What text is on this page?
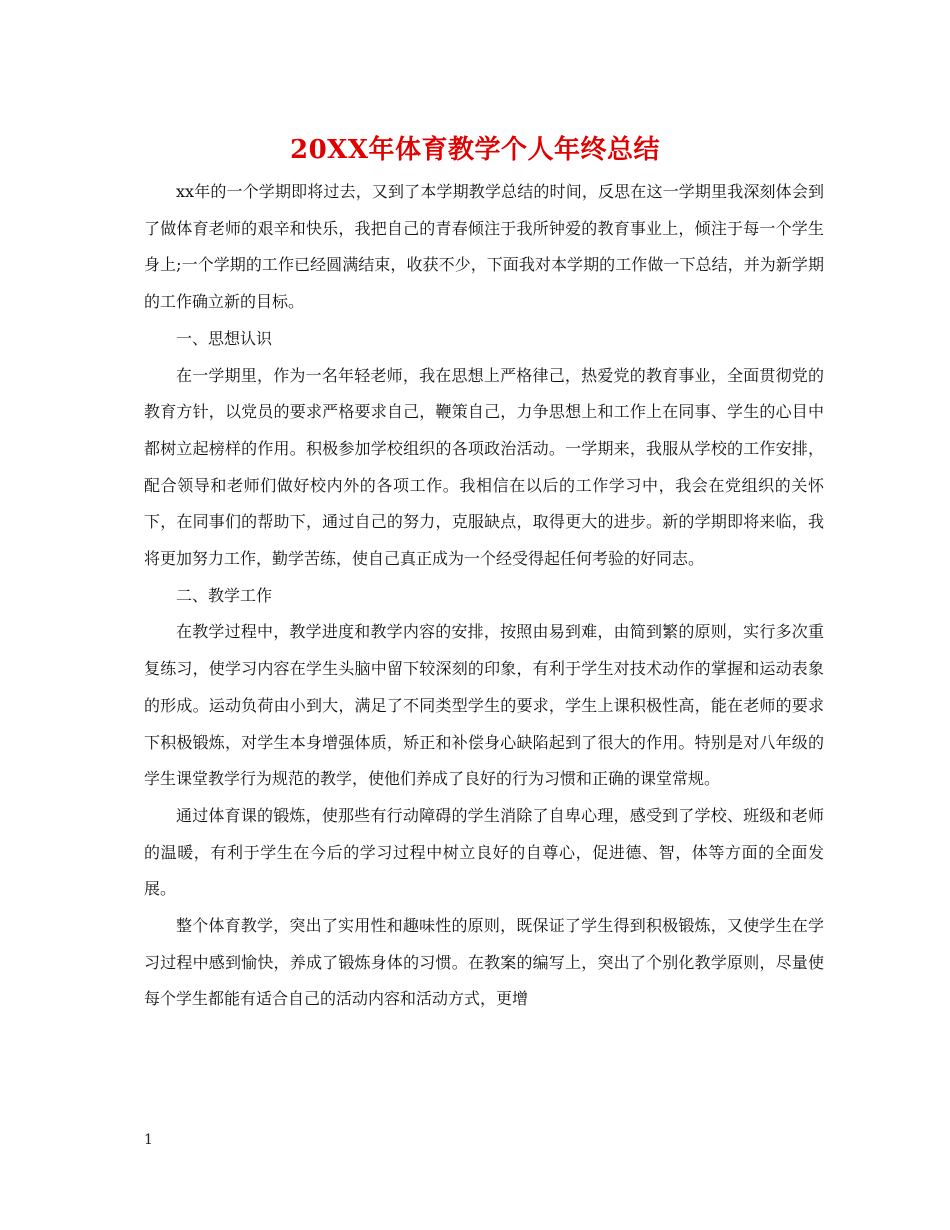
20XX年体育教学个人年终总结

xx年的一个学期即将过去，又到了本学期教学总结的时间，反思在这一学期里我深刻体会到了做体育老师的艰辛和快乐，我把自己的青春倾注于我所钟爱的教育事业上，倾注于每一个学生身上;一个学期的工作已经圆满结束，收获不少，下面我对本学期的工作做一下总结，并为新学期的工作确立新的目标。

一、思想认识

在一学期里，作为一名年轻老师，我在思想上严格律己，热爱党的教育事业，全面贯彻党的教育方针，以党员的要求严格要求自己，鞭策自己，力争思想上和工作上在同事、学生的心目中都树立起榜样的作用。积极参加学校组织的各项政治活动。一学期来，我服从学校的工作安排，配合领导和老师们做好校内外的各项工作。我相信在以后的工作学习中，我会在党组织的关怀下，在同事们的帮助下，通过自己的努力，克服缺点，取得更大的进步。新的学期即将来临，我将更加努力工作，勤学苦练，使自己真正成为一个经受得起任何考验的好同志。

二、教学工作

在教学过程中，教学进度和教学内容的安排，按照由易到难，由简到繁的原则，实行多次重复练习，使学习内容在学生头脑中留下较深刻的印象，有利于学生对技术动作的掌握和运动表象的形成。运动负荷由小到大，满足了不同类型学生的要求，学生上课积极性高，能在老师的要求下积极锻炼，对学生本身增强体质，矫正和补偿身心缺陷起到了很大的作用。特别是对八年级的学生课堂教学行为规范的教学，使他们养成了良好的行为习惯和正确的课堂常规。

通过体育课的锻炼，使那些有行动障碍的学生消除了自卑心理，感受到了学校、班级和老师的温暖，有利于学生在今后的学习过程中树立良好的自尊心，促进德、智，体等方面的全面发展。

整个体育教学，突出了实用性和趣味性的原则，既保证了学生得到积极锻炼，又使学生在学习过程中感到愉快，养成了锻炼身体的习惯。在教案的编写上，突出了个别化教学原则，尽量使每个学生都能有适合自己的活动内容和活动方式，更增

1
